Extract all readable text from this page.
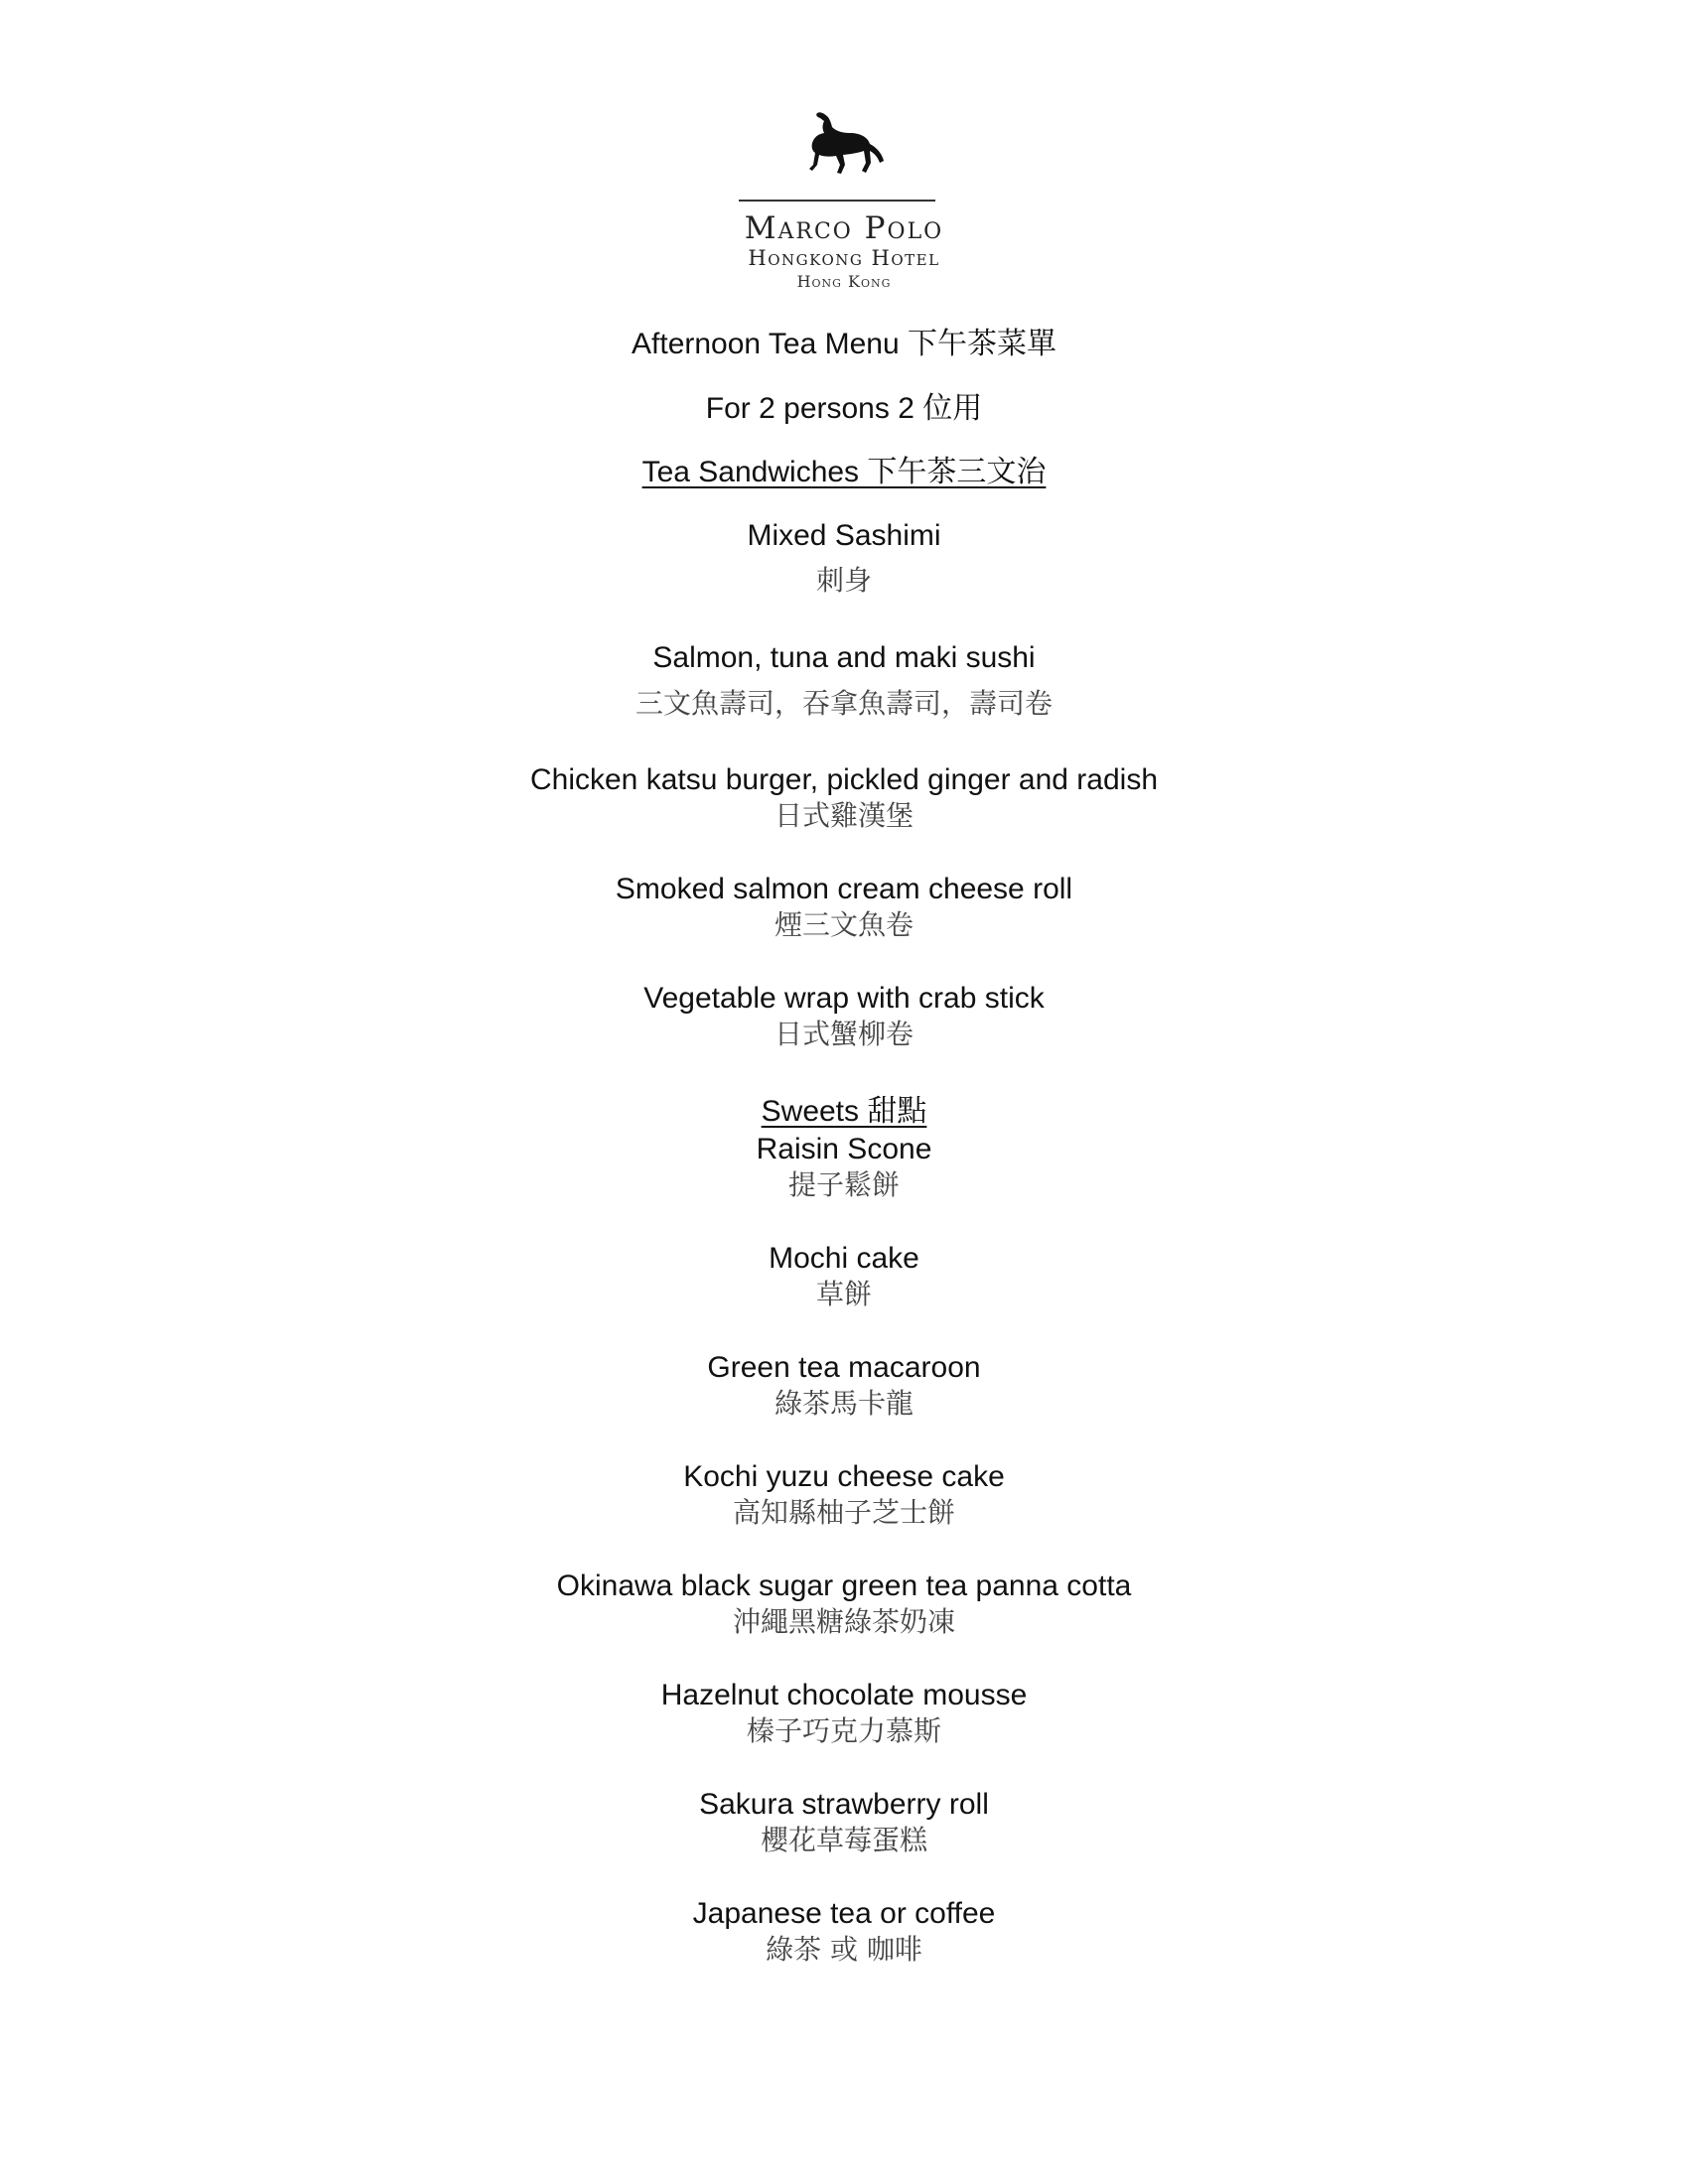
Marco Polo
Hongkong Hotel
Hong Kong
Afternoon Tea Menu 下午茶菜單
For 2 persons 2 位用
Tea Sandwiches 下午茶三文治
Mixed Sashimi
刺身
Salmon, tuna and maki sushi
三文魚壽司，吞拿魚壽司，壽司卷
Chicken katsu burger, pickled ginger and radish
日式雞漢堡
Smoked salmon cream cheese roll
煙三文魚卷
Vegetable wrap with crab stick
日式蟹柳卷
Sweets 甜點
Raisin Scone
提子鬆餅
Mochi cake
草餅
Green tea macaroon
綠茶馬卡龍
Kochi yuzu cheese cake
高知縣柚子芝士餅
Okinawa black sugar green tea panna cotta
沖繩黑糖綠茶奶凍
Hazelnut chocolate mousse
榛子巧克力慕斯
Sakura strawberry roll
櫻花草莓蛋糕
Japanese tea or coffee
綠茶 或 咖啡
